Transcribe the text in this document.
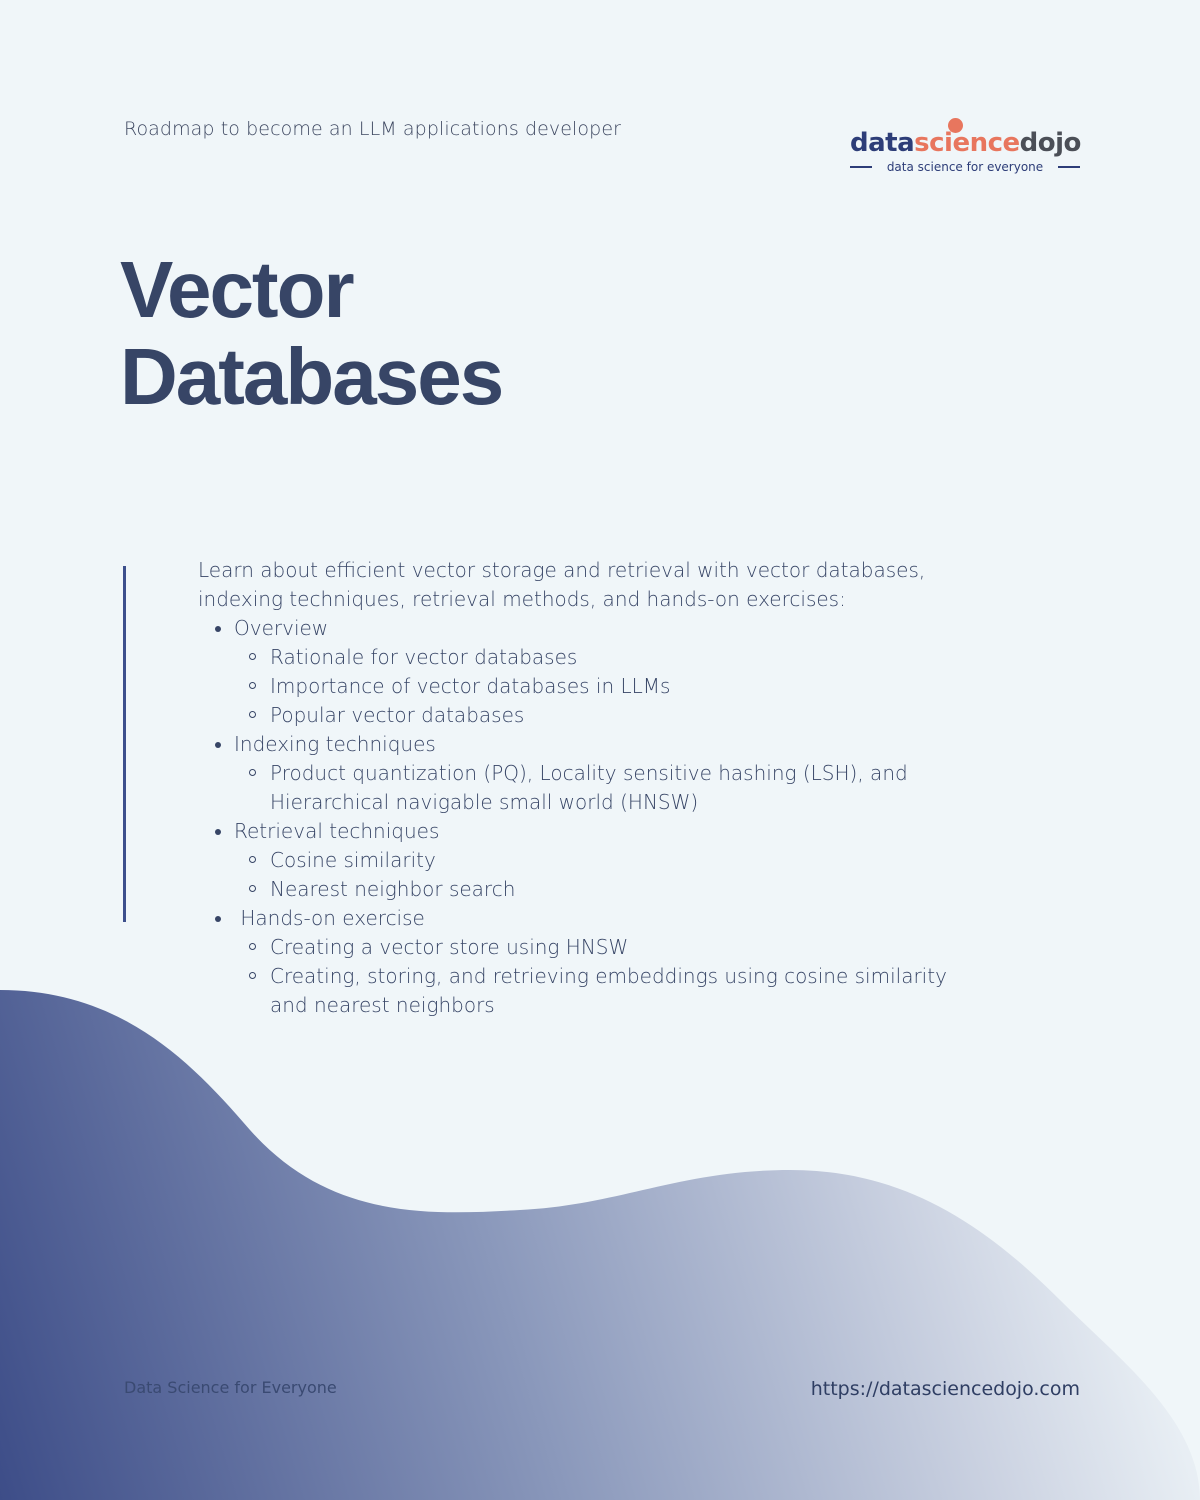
Roadmap to become an LLM applications developer	datasciencedojo
data science for everyone
Vector
Databases

Learn about efficient vector storage and retrieval with vector databases, indexing techniques, retrieval methods, and hands-on exercises:

Overview
Rationale for vector databases
Importance of vector databases in LLMs
Popular vector databases
Indexing techniques
Product quantization (PQ), Locality sensitive hashing (LSH), and Hierarchical navigable small world (HNSW)
Retrieval techniques
Cosine similarity
Nearest neighbor search
Hands-on exercise
Creating a vector store using HNSW
Creating, storing, and retrieving embeddings using cosine similarity and nearest neighbors
Data Science for Everyone	https://datasciencedojo.com
